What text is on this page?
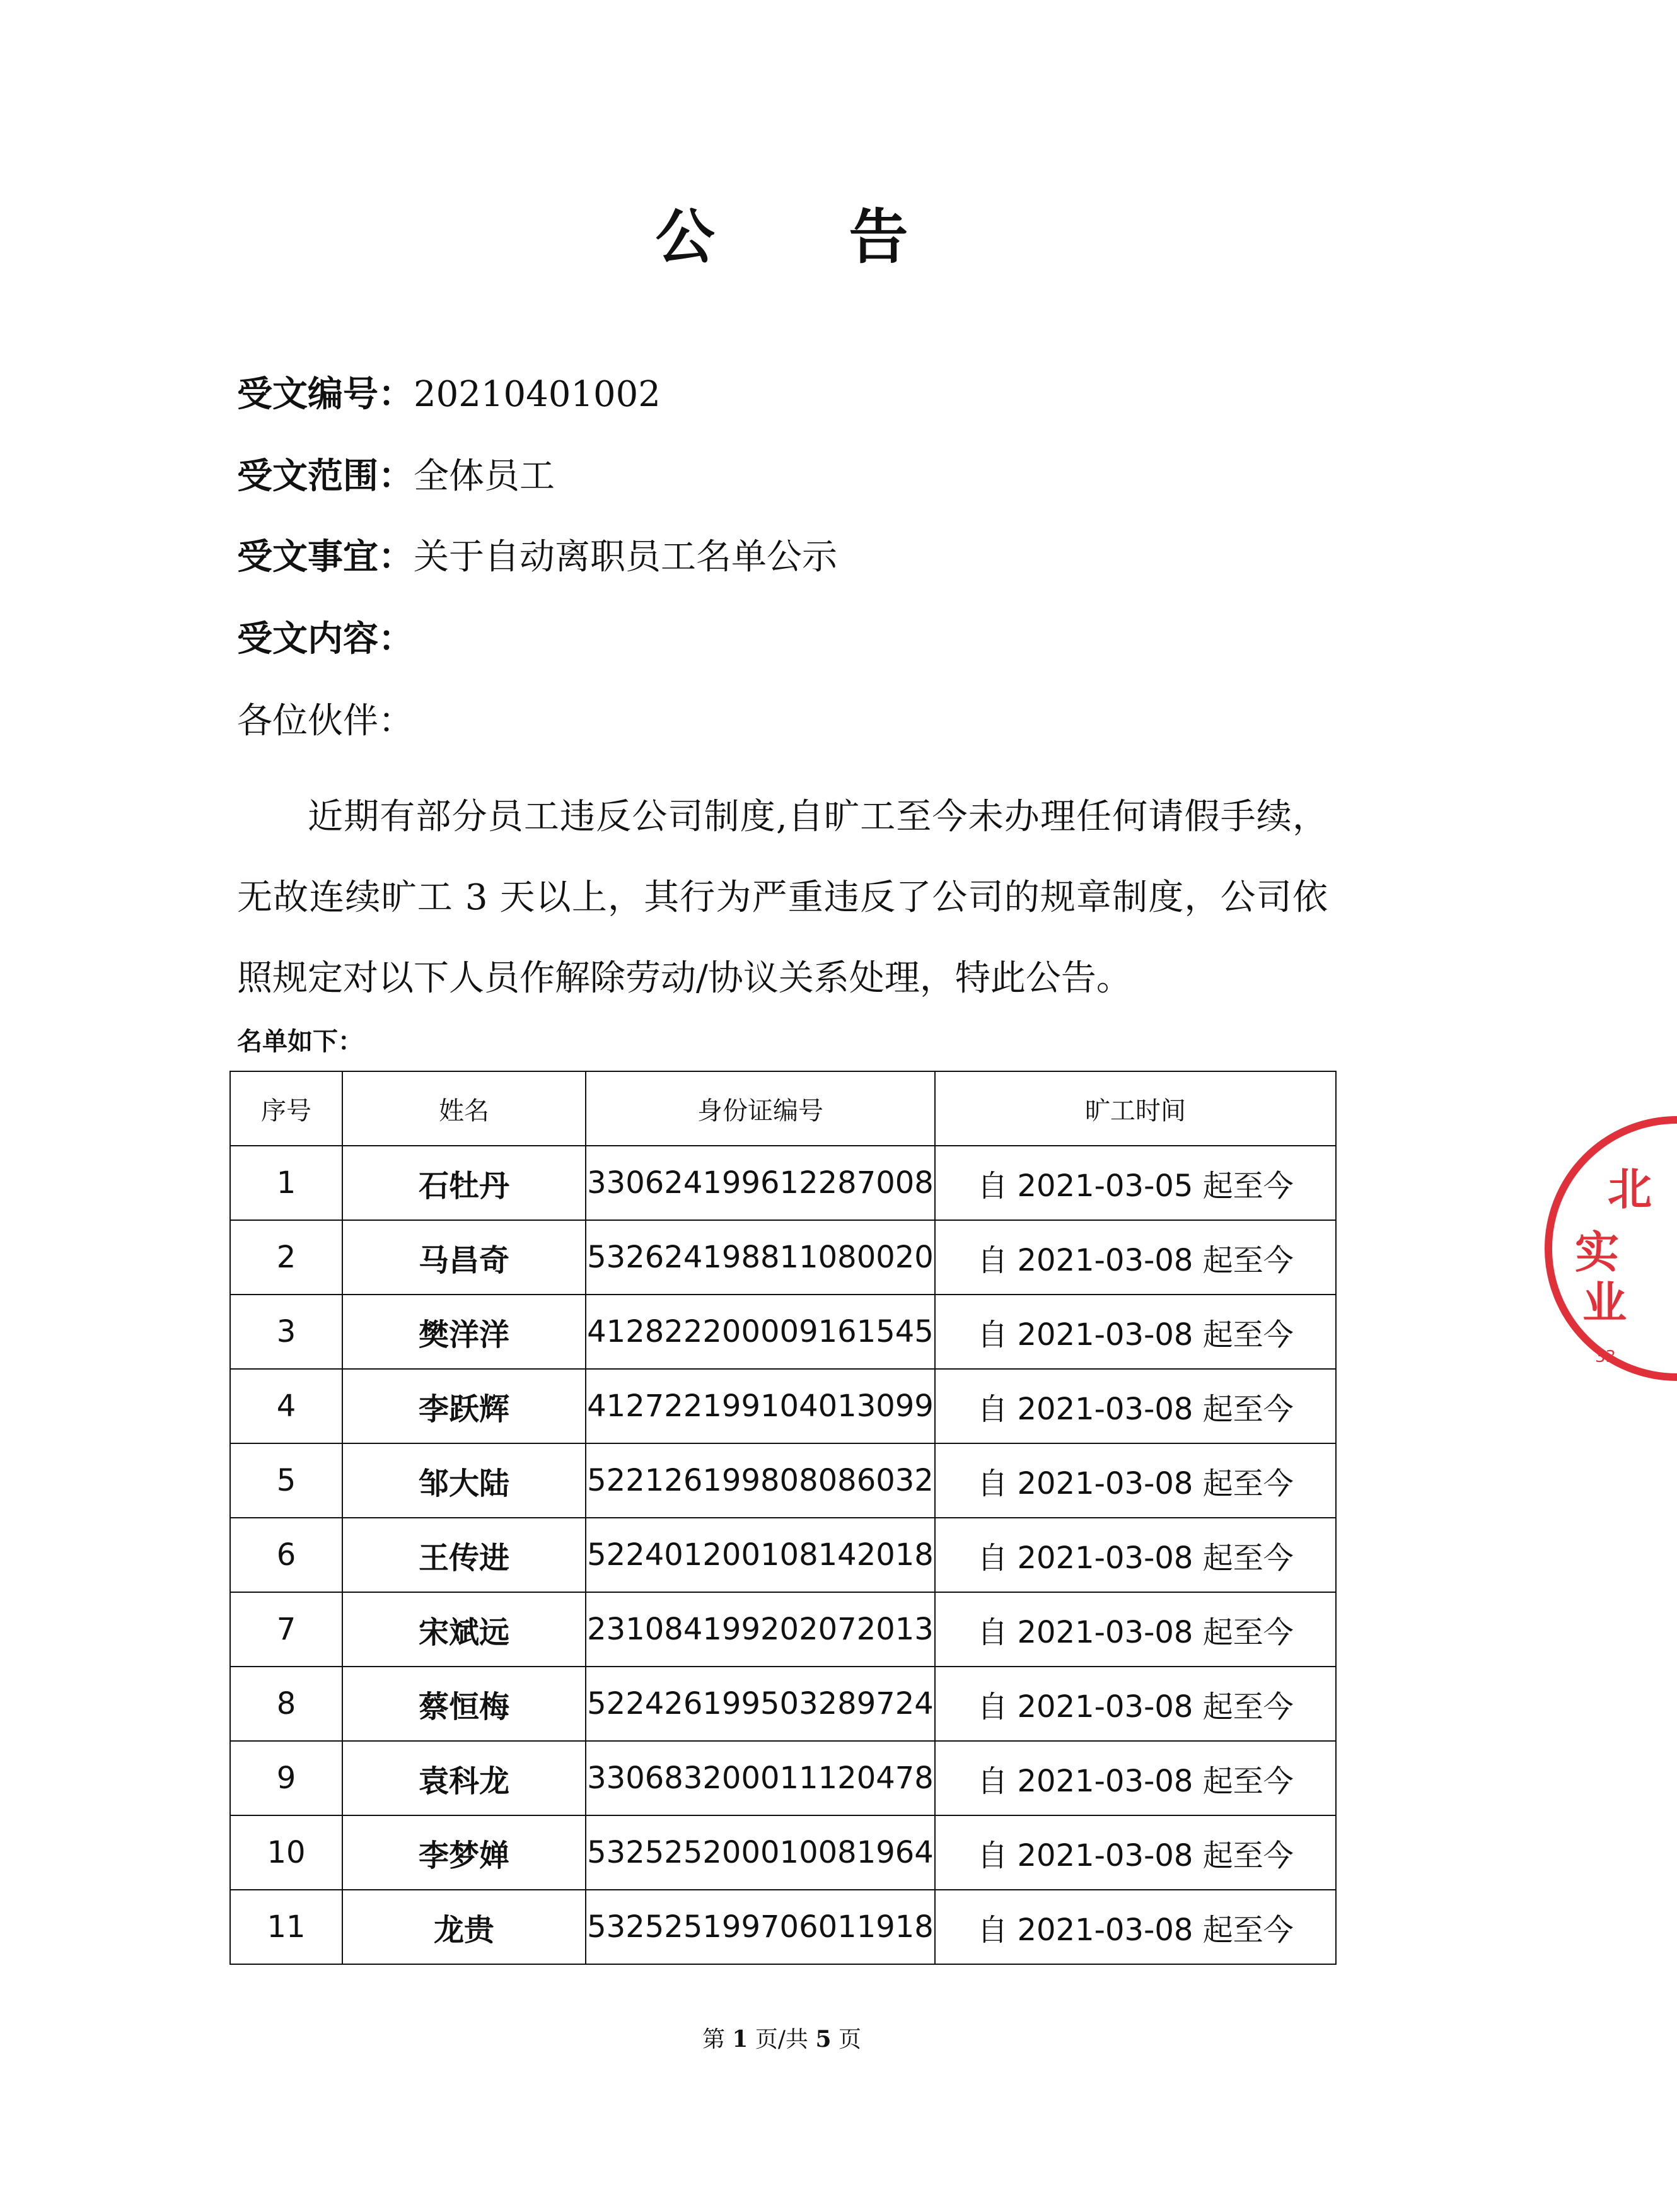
公 告
受文编号：20210401002
受文范围：全体员工
受文事宜：关于自动离职员工名单公示
受文内容：
各位伙伴：
近期有部分员工违反公司制度,自旷工至今未办理任何请假手续，无故连续旷工 3 天以上，其行为严重违反了公司的规章制度，公司依照规定对以下人员作解除劳动/协议关系处理，特此公告。
名单如下：
序号	姓名	身份证编号	旷工时间
1	石牡丹	330624199612287008	自 2021-03-05 起至今
2	马昌奇	532624198811080020	自 2021-03-08 起至今
3	樊洋洋	412822200009161545	自 2021-03-08 起至今
4	李跃辉	412722199104013099	自 2021-03-08 起至今
5	邹大陆	522126199808086032	自 2021-03-08 起至今
6	王传进	522401200108142018	自 2021-03-08 起至今
7	宋斌远	231084199202072013	自 2021-03-08 起至今
8	蔡恒梅	522426199503289724	自 2021-03-08 起至今
9	袁科龙	330683200011120478	自 2021-03-08 起至今
10	李梦婵	532525200010081964	自 2021-03-08 起至今
11	龙贵	532525199706011918	自 2021-03-08 起至今
第 1 页/共 5 页
北
实
业
33
